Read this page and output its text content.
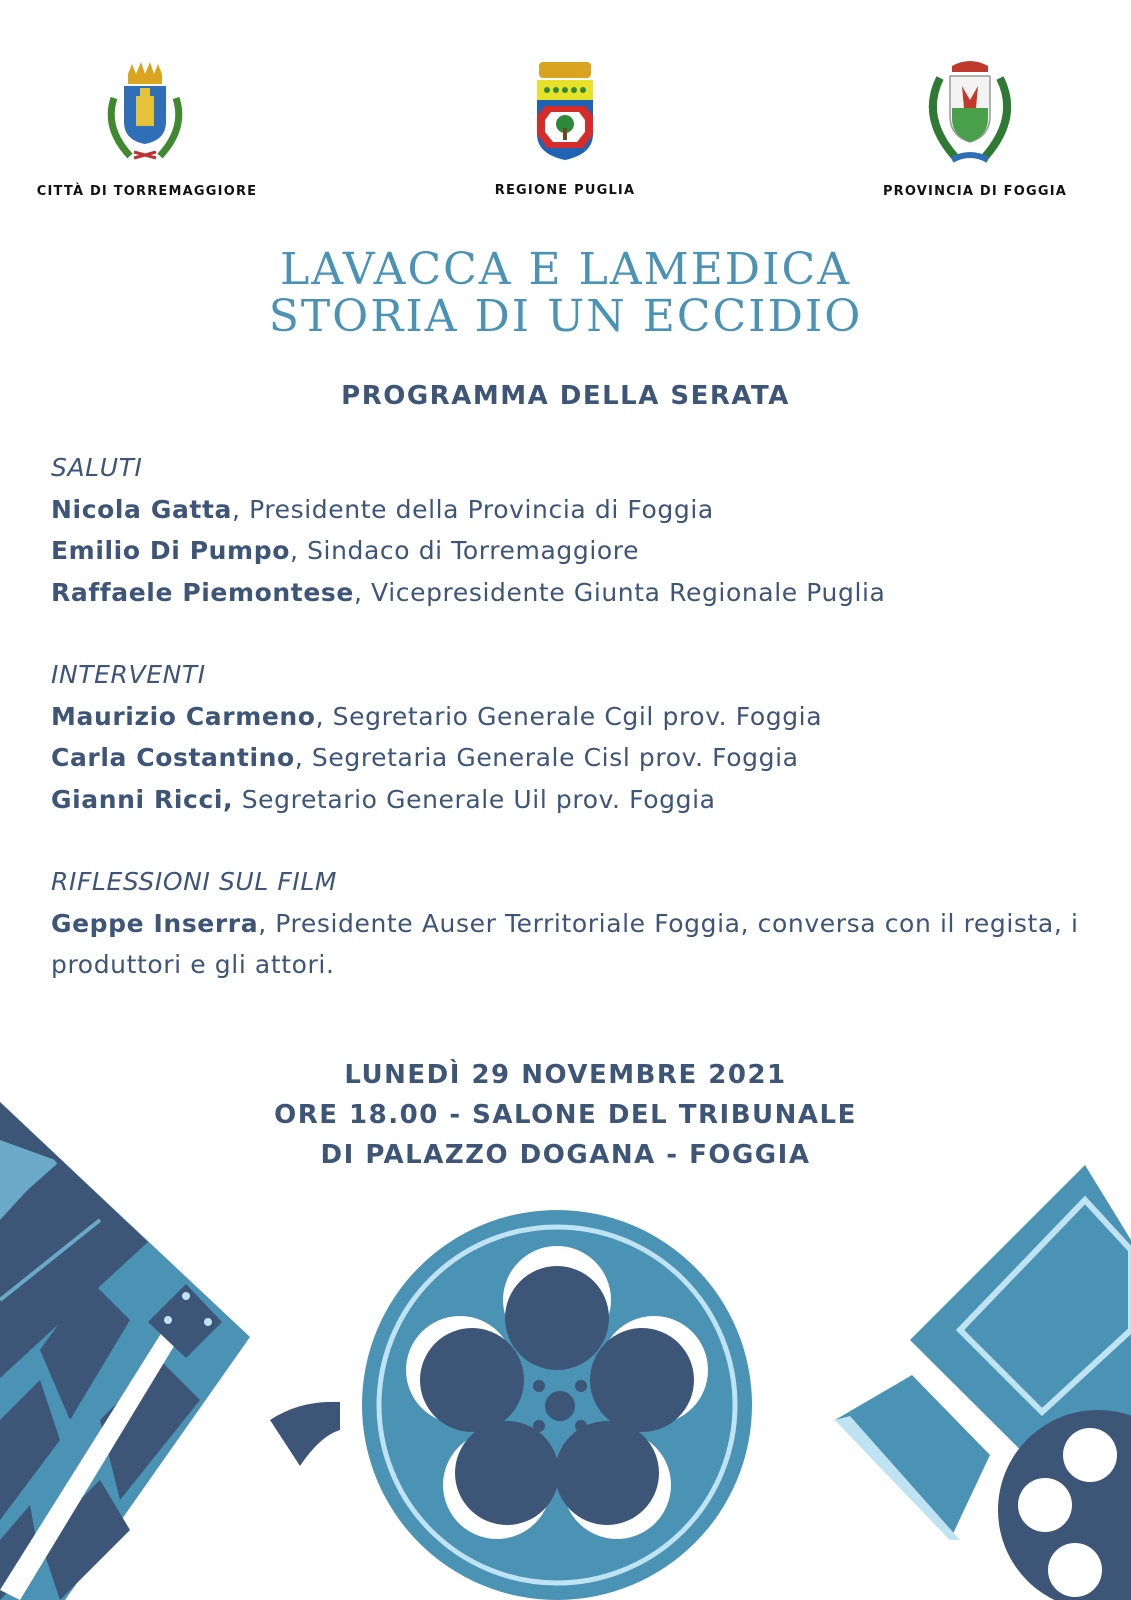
CITTÀ DI TORREMAGGIORE	REGIONE PUGLIA	PROVINCIA DI FOGGIA
LAVACCA E LAMEDICA
STORIA DI UN ECCIDIO
PROGRAMMA DELLA SERATA
SALUTI
Nicola Gatta, Presidente della Provincia di Foggia
Emilio Di Pumpo, Sindaco di Torremaggiore
Raffaele Piemontese, Vicepresidente Giunta Regionale Puglia
INTERVENTI
Maurizio Carmeno, Segretario Generale Cgil prov. Foggia
Carla Costantino, Segretaria Generale Cisl prov. Foggia
Gianni Ricci, Segretario Generale Uil prov. Foggia
RIFLESSIONI SUL FILM
Geppe Inserra, Presidente Auser Territoriale Foggia, conversa con il regista, i
produttori e gli attori.
LUNEDÌ 29 NOVEMBRE 2021
ORE 18.00 - SALONE DEL TRIBUNALE
DI PALAZZO DOGANA - FOGGIA
